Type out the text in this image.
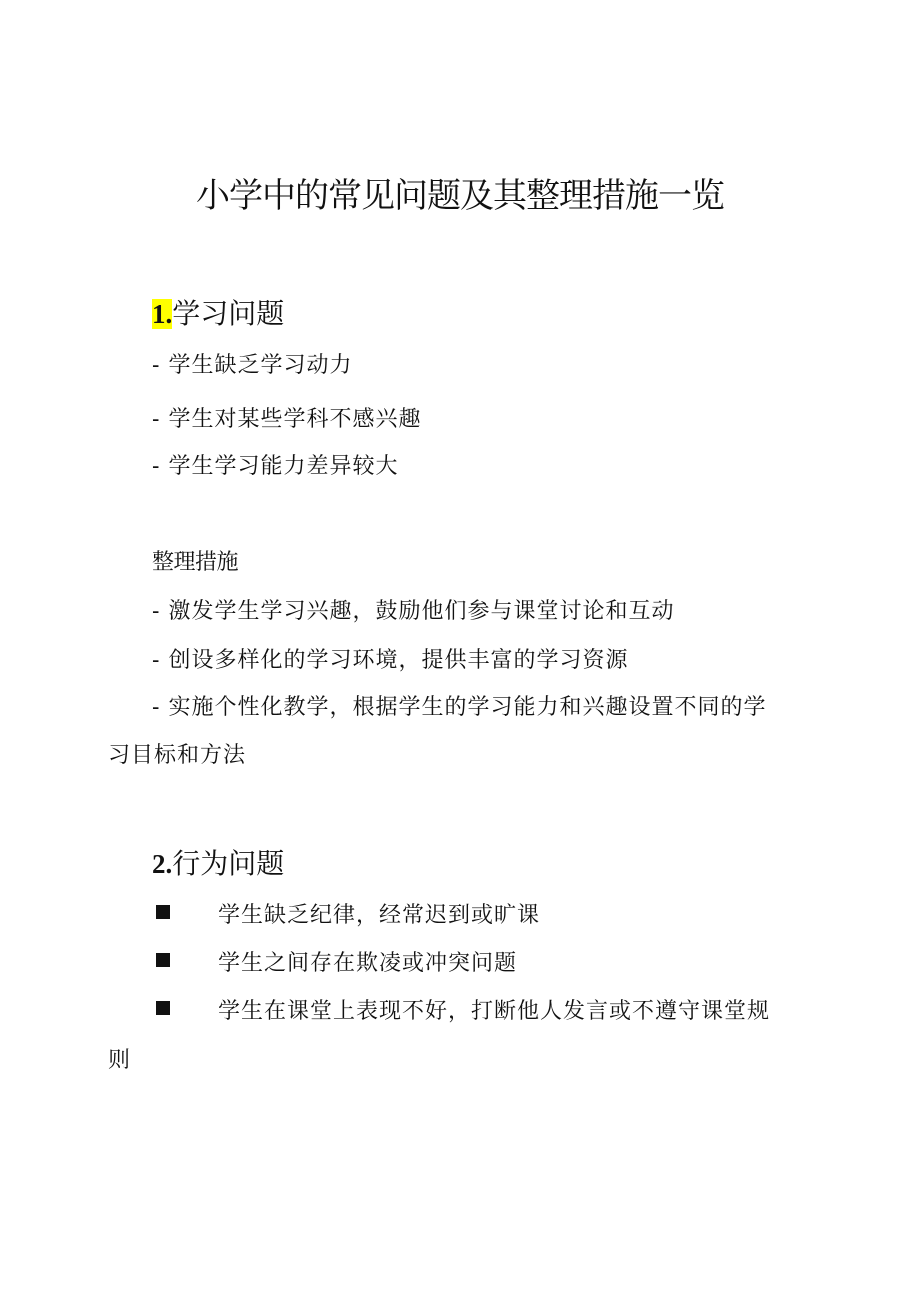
小学中的常见问题及其整理措施一览
1.学习问题
- 学生缺乏学习动力
- 学生对某些学科不感兴趣
- 学生学习能力差异较大
整理措施
- 激发学生学习兴趣，鼓励他们参与课堂讨论和互动
- 创设多样化的学习环境，提供丰富的学习资源
- 实施个性化教学，根据学生的学习能力和兴趣设置不同的学
习目标和方法
2.行为问题
学生缺乏纪律，经常迟到或旷课
学生之间存在欺凌或冲突问题
学生在课堂上表现不好，打断他人发言或不遵守课堂规
则
